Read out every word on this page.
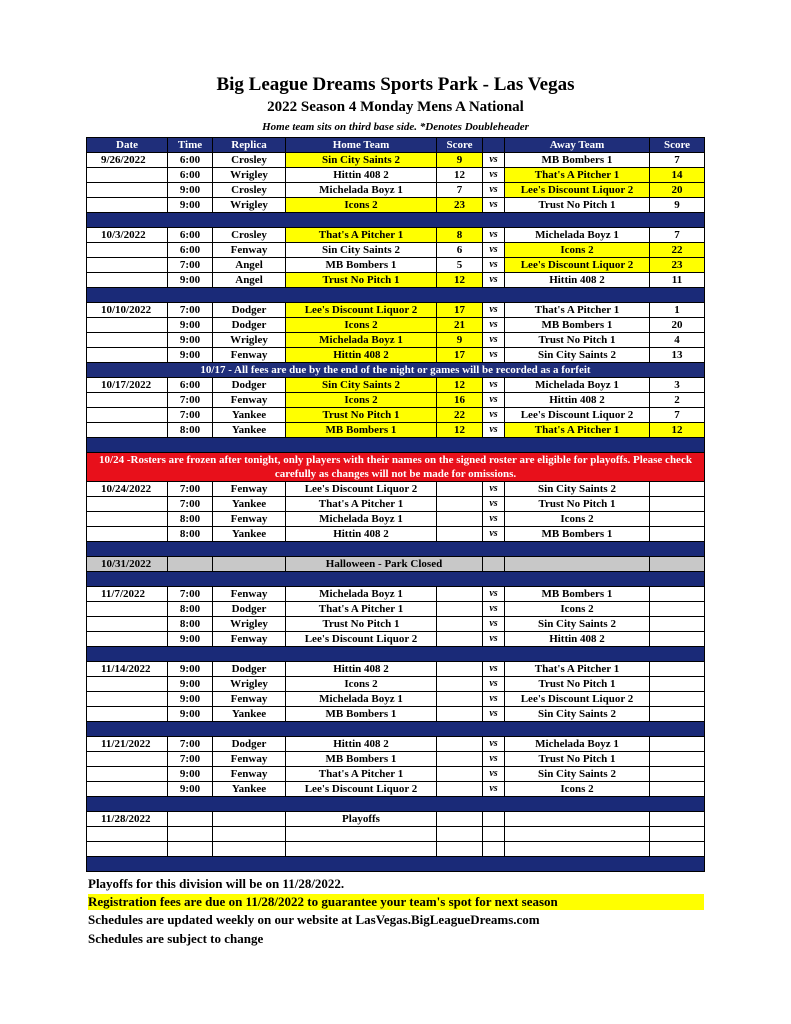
Big League Dreams Sports Park - Las Vegas
2022 Season 4 Monday Mens A National
Home team sits on third base side. *Denotes Doubleheader
Date	Time	Replica	Home Team	Score		Away Team	Score
9/26/2022	6:00	Crosley	Sin City Saints 2	9	vs	MB Bombers 1	7
	6:00	Wrigley	Hittin 408 2	12	vs	That's A Pitcher 1	14
	9:00	Crosley	Michelada Boyz 1	7	vs	Lee's Discount Liquor 2	20
	9:00	Wrigley	Icons 2	23	vs	Trust No Pitch 1	9

10/3/2022	6:00	Crosley	That's A Pitcher 1	8	vs	Michelada Boyz 1	7
	6:00	Fenway	Sin City Saints 2	6	vs	Icons 2	22
	7:00	Angel	MB Bombers 1	5	vs	Lee's Discount Liquor 2	23
	9:00	Angel	Trust No Pitch 1	12	vs	Hittin 408 2	11

10/10/2022	7:00	Dodger	Lee's Discount Liquor 2	17	vs	That's A Pitcher 1	1
	9:00	Dodger	Icons 2	21	vs	MB Bombers 1	20
	9:00	Wrigley	Michelada Boyz 1	9	vs	Trust No Pitch 1	4
	9:00	Fenway	Hittin 408 2	17	vs	Sin City Saints 2	13
10/17 - All fees are due by the end of the night or games will be recorded as a forfeit							
10/17/2022	6:00	Dodger	Sin City Saints 2	12	vs	Michelada Boyz 1	3
	7:00	Fenway	Icons 2	16	vs	Hittin 408 2	2
	7:00	Yankee	Trust No Pitch 1	22	vs	Lee's Discount Liquor 2	7
	8:00	Yankee	MB Bombers 1	12	vs	That's A Pitcher 1	12

10/24 -Rosters are frozen after tonight, only players with their names on the signed roster are eligible for playoffs. Please check carefully as changes will not be made for omissions.							
10/24/2022	7:00	Fenway	Lee's Discount Liquor 2		vs	Sin City Saints 2	
	7:00	Yankee	That's A Pitcher 1		vs	Trust No Pitch 1	
	8:00	Fenway	Michelada Boyz 1		vs	Icons 2	
	8:00	Yankee	Hittin 408 2		vs	MB Bombers 1	

10/31/2022			Halloween - Park Closed				

11/7/2022	7:00	Fenway	Michelada Boyz 1		vs	MB Bombers 1	
	8:00	Dodger	That's A Pitcher 1		vs	Icons 2	
	8:00	Wrigley	Trust No Pitch 1		vs	Sin City Saints 2	
	9:00	Fenway	Lee's Discount Liquor 2		vs	Hittin 408 2	

11/14/2022	9:00	Dodger	Hittin 408 2		vs	That's A Pitcher 1	
	9:00	Wrigley	Icons 2		vs	Trust No Pitch 1	
	9:00	Fenway	Michelada Boyz 1		vs	Lee's Discount Liquor 2	
	9:00	Yankee	MB Bombers 1		vs	Sin City Saints 2	

11/21/2022	7:00	Dodger	Hittin 408 2		vs	Michelada Boyz 1	
	7:00	Fenway	MB Bombers 1		vs	Trust No Pitch 1	
	9:00	Fenway	That's A Pitcher 1		vs	Sin City Saints 2	
	9:00	Yankee	Lee's Discount Liquor 2		vs	Icons 2	

11/28/2022			Playoffs				

Playoffs for this division will be on 11/28/2022.
Registration fees are due on 11/28/2022 to guarantee your team's spot for next season
Schedules are updated weekly on our website at LasVegas.BigLeagueDreams.com
Schedules are subject to change
